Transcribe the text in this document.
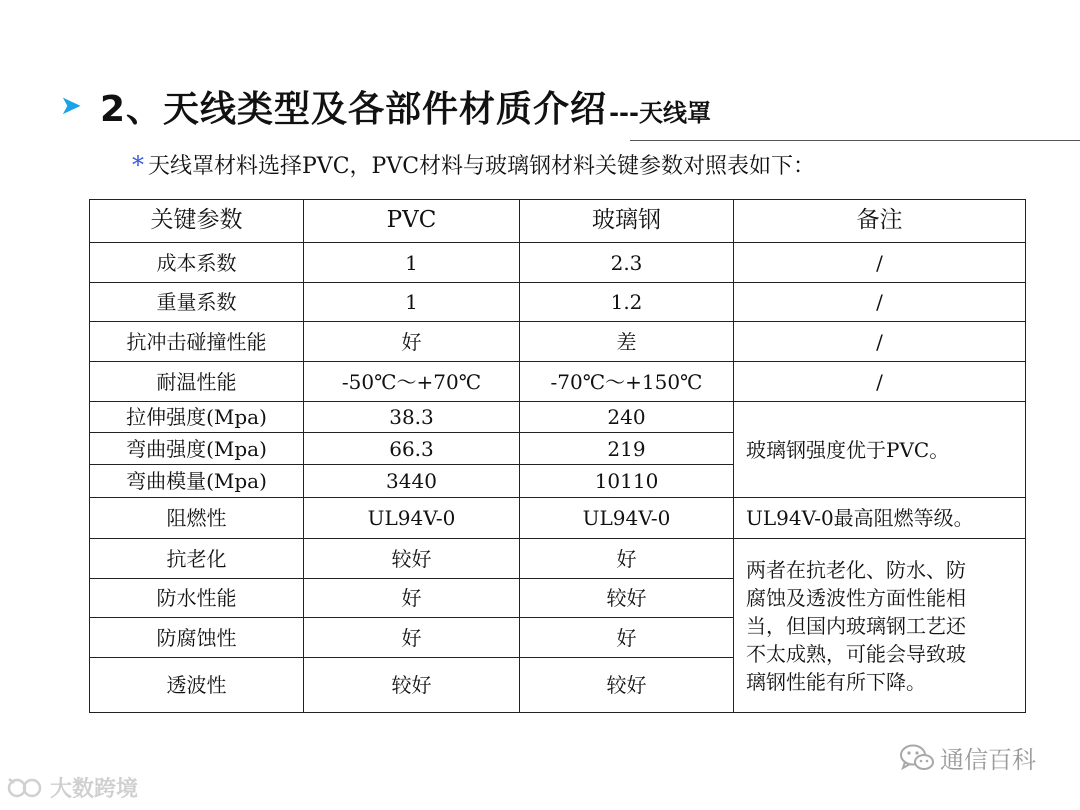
➤ 2、天线类型及各部件材质介绍 ---天线罩
* 天线罩材料选择PVC，PVC材料与玻璃钢材料关键参数对照表如下：
关键参数	PVC	玻璃钢	备注
成本系数	1	2.3	/
重量系数	1	1.2	/
抗冲击碰撞性能	好	差	/
耐温性能	-50℃～+70℃	-70℃～+150℃	/
拉伸强度(Mpa)	38.3	240	玻璃钢强度优于PVC。
弯曲强度(Mpa)	66.3	219	
弯曲模量(Mpa)	3440	10110	
阻燃性	UL94V-0	UL94V-0	UL94V-0最高阻燃等级。
抗老化	较好	好	两者在抗老化、防水、防
腐蚀及透波性方面性能相
当，但国内玻璃钢工艺还
不太成熟，可能会导致玻
璃钢性能有所下降。

防水性能	好	较好	
防腐蚀性	好	好	
透波性	较好	较好	
通信百科
大数跨境
